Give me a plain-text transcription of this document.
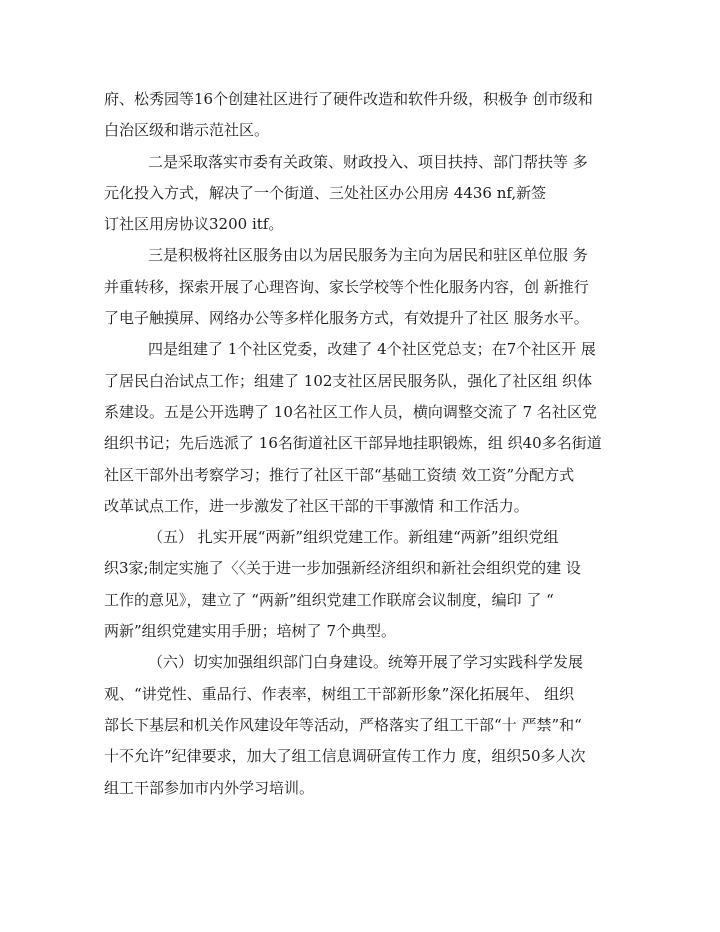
府、松秀园等16个创建社区进行了硬件改造和软件升级，积极争 创市级和
白治区级和谐示范社区。
二是采取落实市委有关政策、财政投入、项目扶持、部门帮扶等 多
元化投入方式，解决了一个街道、三处社区办公用房 4436 nf,新签
订社区用房协议3200 itf。
三是积极将社区服务由以为居民服务为主向为居民和驻区单位服 务
并重转移，探索开展了心理咨询、家长学校等个性化服务内容，创 新推行
了电子触摸屏、网络办公等多样化服务方式，有效提升了社区 服务水平。
四是组建了 1个社区党委，改建了 4个社区党总支；在7个社区开 展
了居民白治试点工作；组建了 102支社区居民服务队，强化了社区组 织体
系建设。五是公开选聘了 10名社区工作人员，横向调整交流了 7 名社区党
组织书记；先后选派了 16名街道社区干部异地挂职锻炼，组 织40多名街道
社区干部外出考察学习；推行了社区干部“基础工资绩 效工资”分配方式
改革试点工作，进一步激发了社区干部的干事激情 和工作活力。
（五） 扎实开展“两新”组织党建工作。新组建“两新”组织党组
织3家;制定实施了〈〈关于进一步加强新经济组织和新社会组织党的建 设
工作的意见》，建立了 “两新”组织党建工作联席会议制度，编印 了 “
两新”组织党建实用手册；培树了 7个典型。
（六）切实加强组织部门白身建设。统筹开展了学习实践科学发展
观、“讲党性、重品行、作表率，树组工干部新形象”深化拓展年、 组织
部长下基层和机关作风建设年等活动，严格落实了组工干部“十 严禁”和“
十不允许”纪律要求，加大了组工信息调研宣传工作力 度，组织50多人次
组工干部参加市内外学习培训。
